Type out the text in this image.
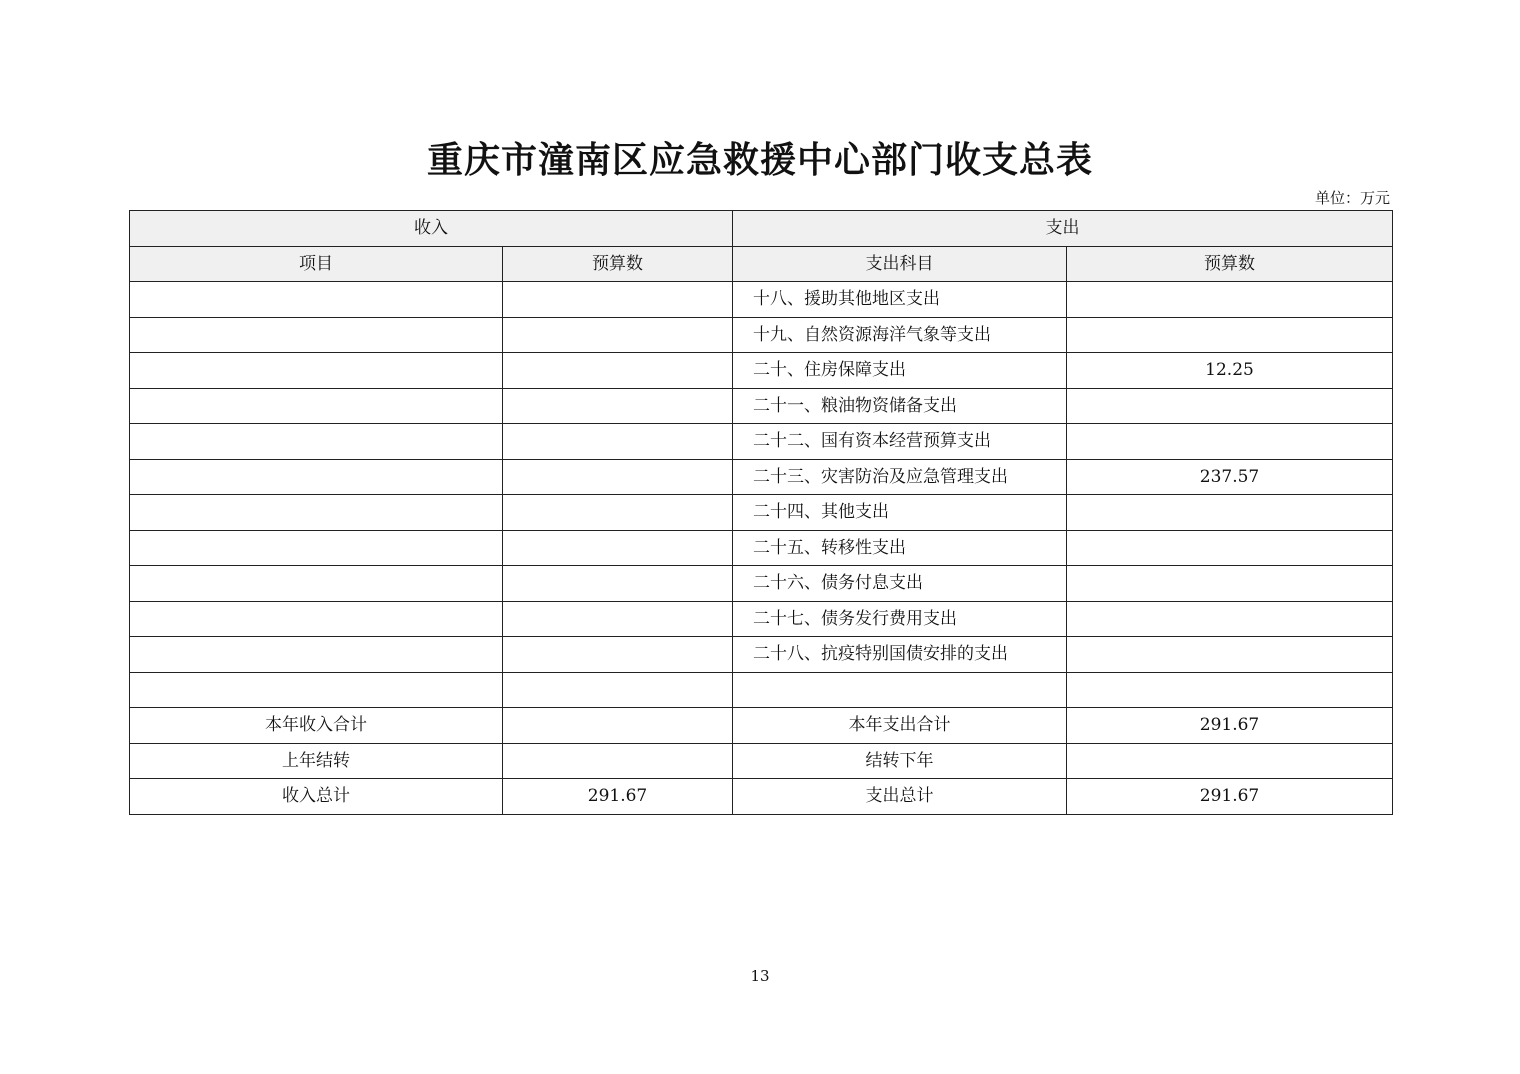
重庆市潼南区应急救援中心部门收支总表
单位：万元
收入		支出	
项目	预算数	支出科目	预算数
		十八、援助其他地区支出	
		十九、自然资源海洋气象等支出	
		二十、住房保障支出	12.25
		二十一、粮油物资储备支出	
		二十二、国有资本经营预算支出	
		二十三、灾害防治及应急管理支出	237.57
		二十四、其他支出	
		二十五、转移性支出	
		二十六、债务付息支出	
		二十七、债务发行费用支出	
		二十八、抗疫特别国债安排的支出	

本年收入合计		本年支出合计	291.67
上年结转		结转下年	
收入总计	291.67	支出总计	291.67
13
